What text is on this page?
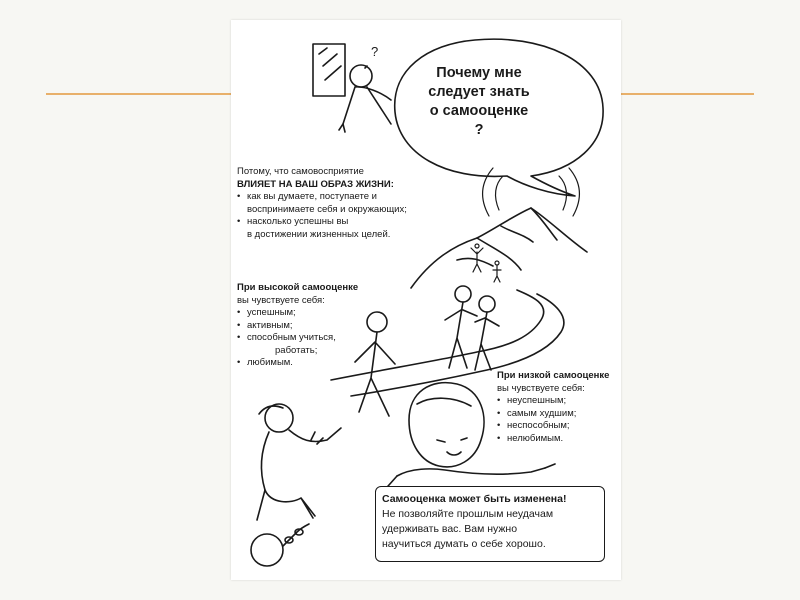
Почему мне
следует знать
о самооценке
?
?
Потому, что самовосприятие
ВЛИЯЕТ НА ВАШ ОБРАЗ ЖИЗНИ:
• как вы думаете, поступаете и
воспринимаете себя и окружающих;
• насколько успешны вы
в достижении жизненных целей.
При высокой самооценке
вы чувствуете себя:
• успешным;
• активным;
• способным учиться,
работать;
• любимым.
При низкой самооценке
вы чувствуете себя:
• неуспешным;
• самым худшим;
• неспособным;
• нелюбимым.
Самооценка может быть изменена!
Не позволяйте прошлым неудачам
удерживать вас. Вам нужно
научиться думать о себе хорошо.
